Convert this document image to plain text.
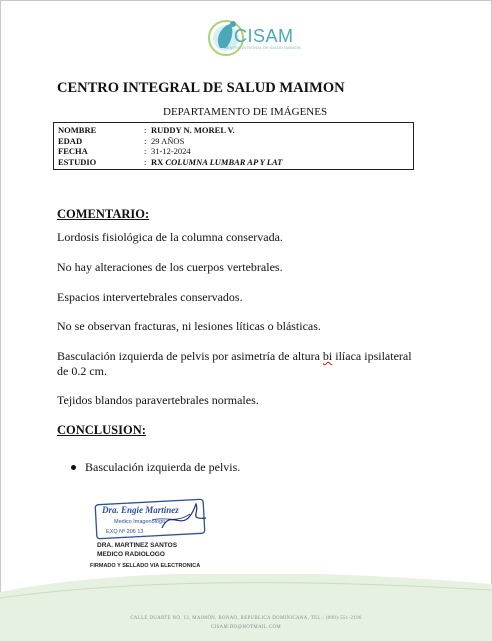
CISAM
CENTRO INTEGRAL DE SALUD MAIMON
CENTRO INTEGRAL DE SALUD MAIMON
DEPARTAMENTO DE IMÁGENES
NOMBRE	: RUDDY N. MOREL V.
EDAD	: 29 AÑOS
FECHA	: 31-12-2024
ESTUDIO	: RX COLUMNA LUMBAR AP Y LAT
COMENTARIO:
Lordosis fisiológica de la columna conservada.
No hay alteraciones de los cuerpos vertebrales.
Espacios intervertebrales conservados.
No se observan fracturas, ni lesiones líticas o blásticas.
Basculación izquierda de pelvis por asimetría de altura bi ilíaca ipsilateral
de 0.2 cm.
Tejidos blandos paravertebrales normales.
CONCLUSION:
Basculación izquierda de pelvis.
Dra. Engie Martinez
Medico Imagenologo
EXQ Nº 206 13
DRA. MARTINEZ SANTOS
MEDICO RADIOLOGO
FIRMADO Y SELLADO VIA ELECTRONICA
CALLE DUARTE NO. 13, MAIMÓN, BONAO, REPUBLICA DOMINICANA, TEL.: (809)-551-2196
CISAM.DO@HOTMAIL.COM
